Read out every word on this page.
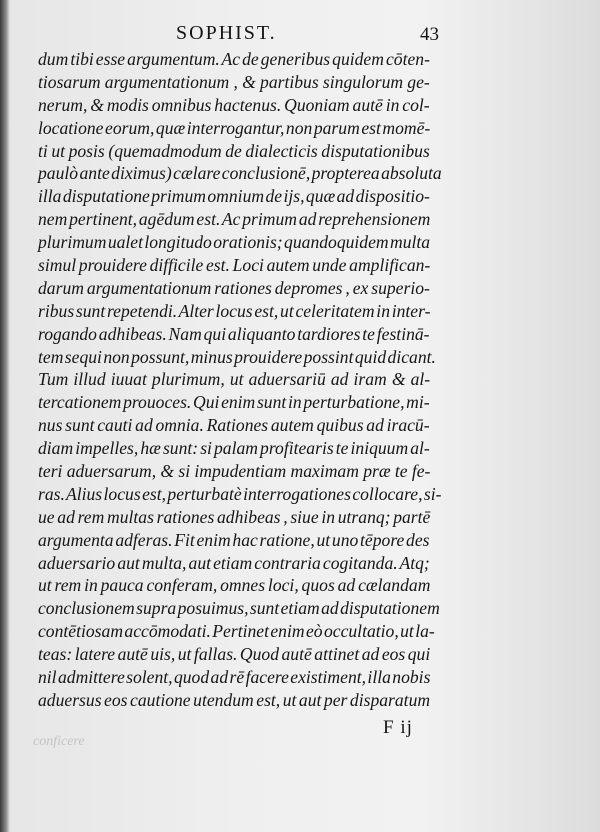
SOPHIST.	43
dum tibi esse argumentum. Ac de generibus quidem cōten-
tiosarum argumentationum , & partibus singulorum ge-
nerum, & modis omnibus hactenus. Quoniam autē in col-
locatione eorum, quæ interrogantur, non parum est momē-
ti ut posis (quemadmodum de dialecticis disputationibus
paulò ante diximus) cælare conclusionē, propterea absoluta
illa disputatione primum omnium de ijs, quæ ad dispositio-
nem pertinent, agēdum est. Ac primum ad reprehensionem
plurimum ualet longitudo orationis; quandoquidem multa
simul prouidere difficile est. Loci autem unde amplifican-
darum argumentationum rationes depromes , ex superio-
ribus sunt repetendi. Alter locus est, ut celeritatem in inter-
rogando adhibeas. Nam qui aliquanto tardiores te festinā-
tem sequi non possunt, minus prouidere possint quid dicant.
Tum illud iuuat plurimum, ut aduersariū ad iram & al-
tercationem prouoces. Qui enim sunt in perturbatione, mi-
nus sunt cauti ad omnia. Rationes autem quibus ad iracū-
diam impelles, hæ sunt: si palam profitearis te iniquum al-
teri aduersarum, & si impudentiam maximam præ te fe-
ras. Alius locus est, perturbatè interrogationes collocare, si-
ue ad rem multas rationes adhibeas , siue in utranq; partē
argumenta adferas. Fit enim hac ratione, ut uno tēpore des
aduersario aut multa, aut etiam contraria cogitanda. Atq;
ut rem in pauca conferam, omnes loci, quos ad cælandam
conclusionem supra posuimus, sunt etiam ad disputationem
contētiosam accōmodati. Pertinet enim eò occultatio, ut la-
teas: latere autē uis, ut fallas. Quod autē attinet ad eos qui
nil admittere solent, quod ad rē facere existiment, illa nobis
aduersus eos cautione utendum est, ut aut per disparatum
conficere
F ij
